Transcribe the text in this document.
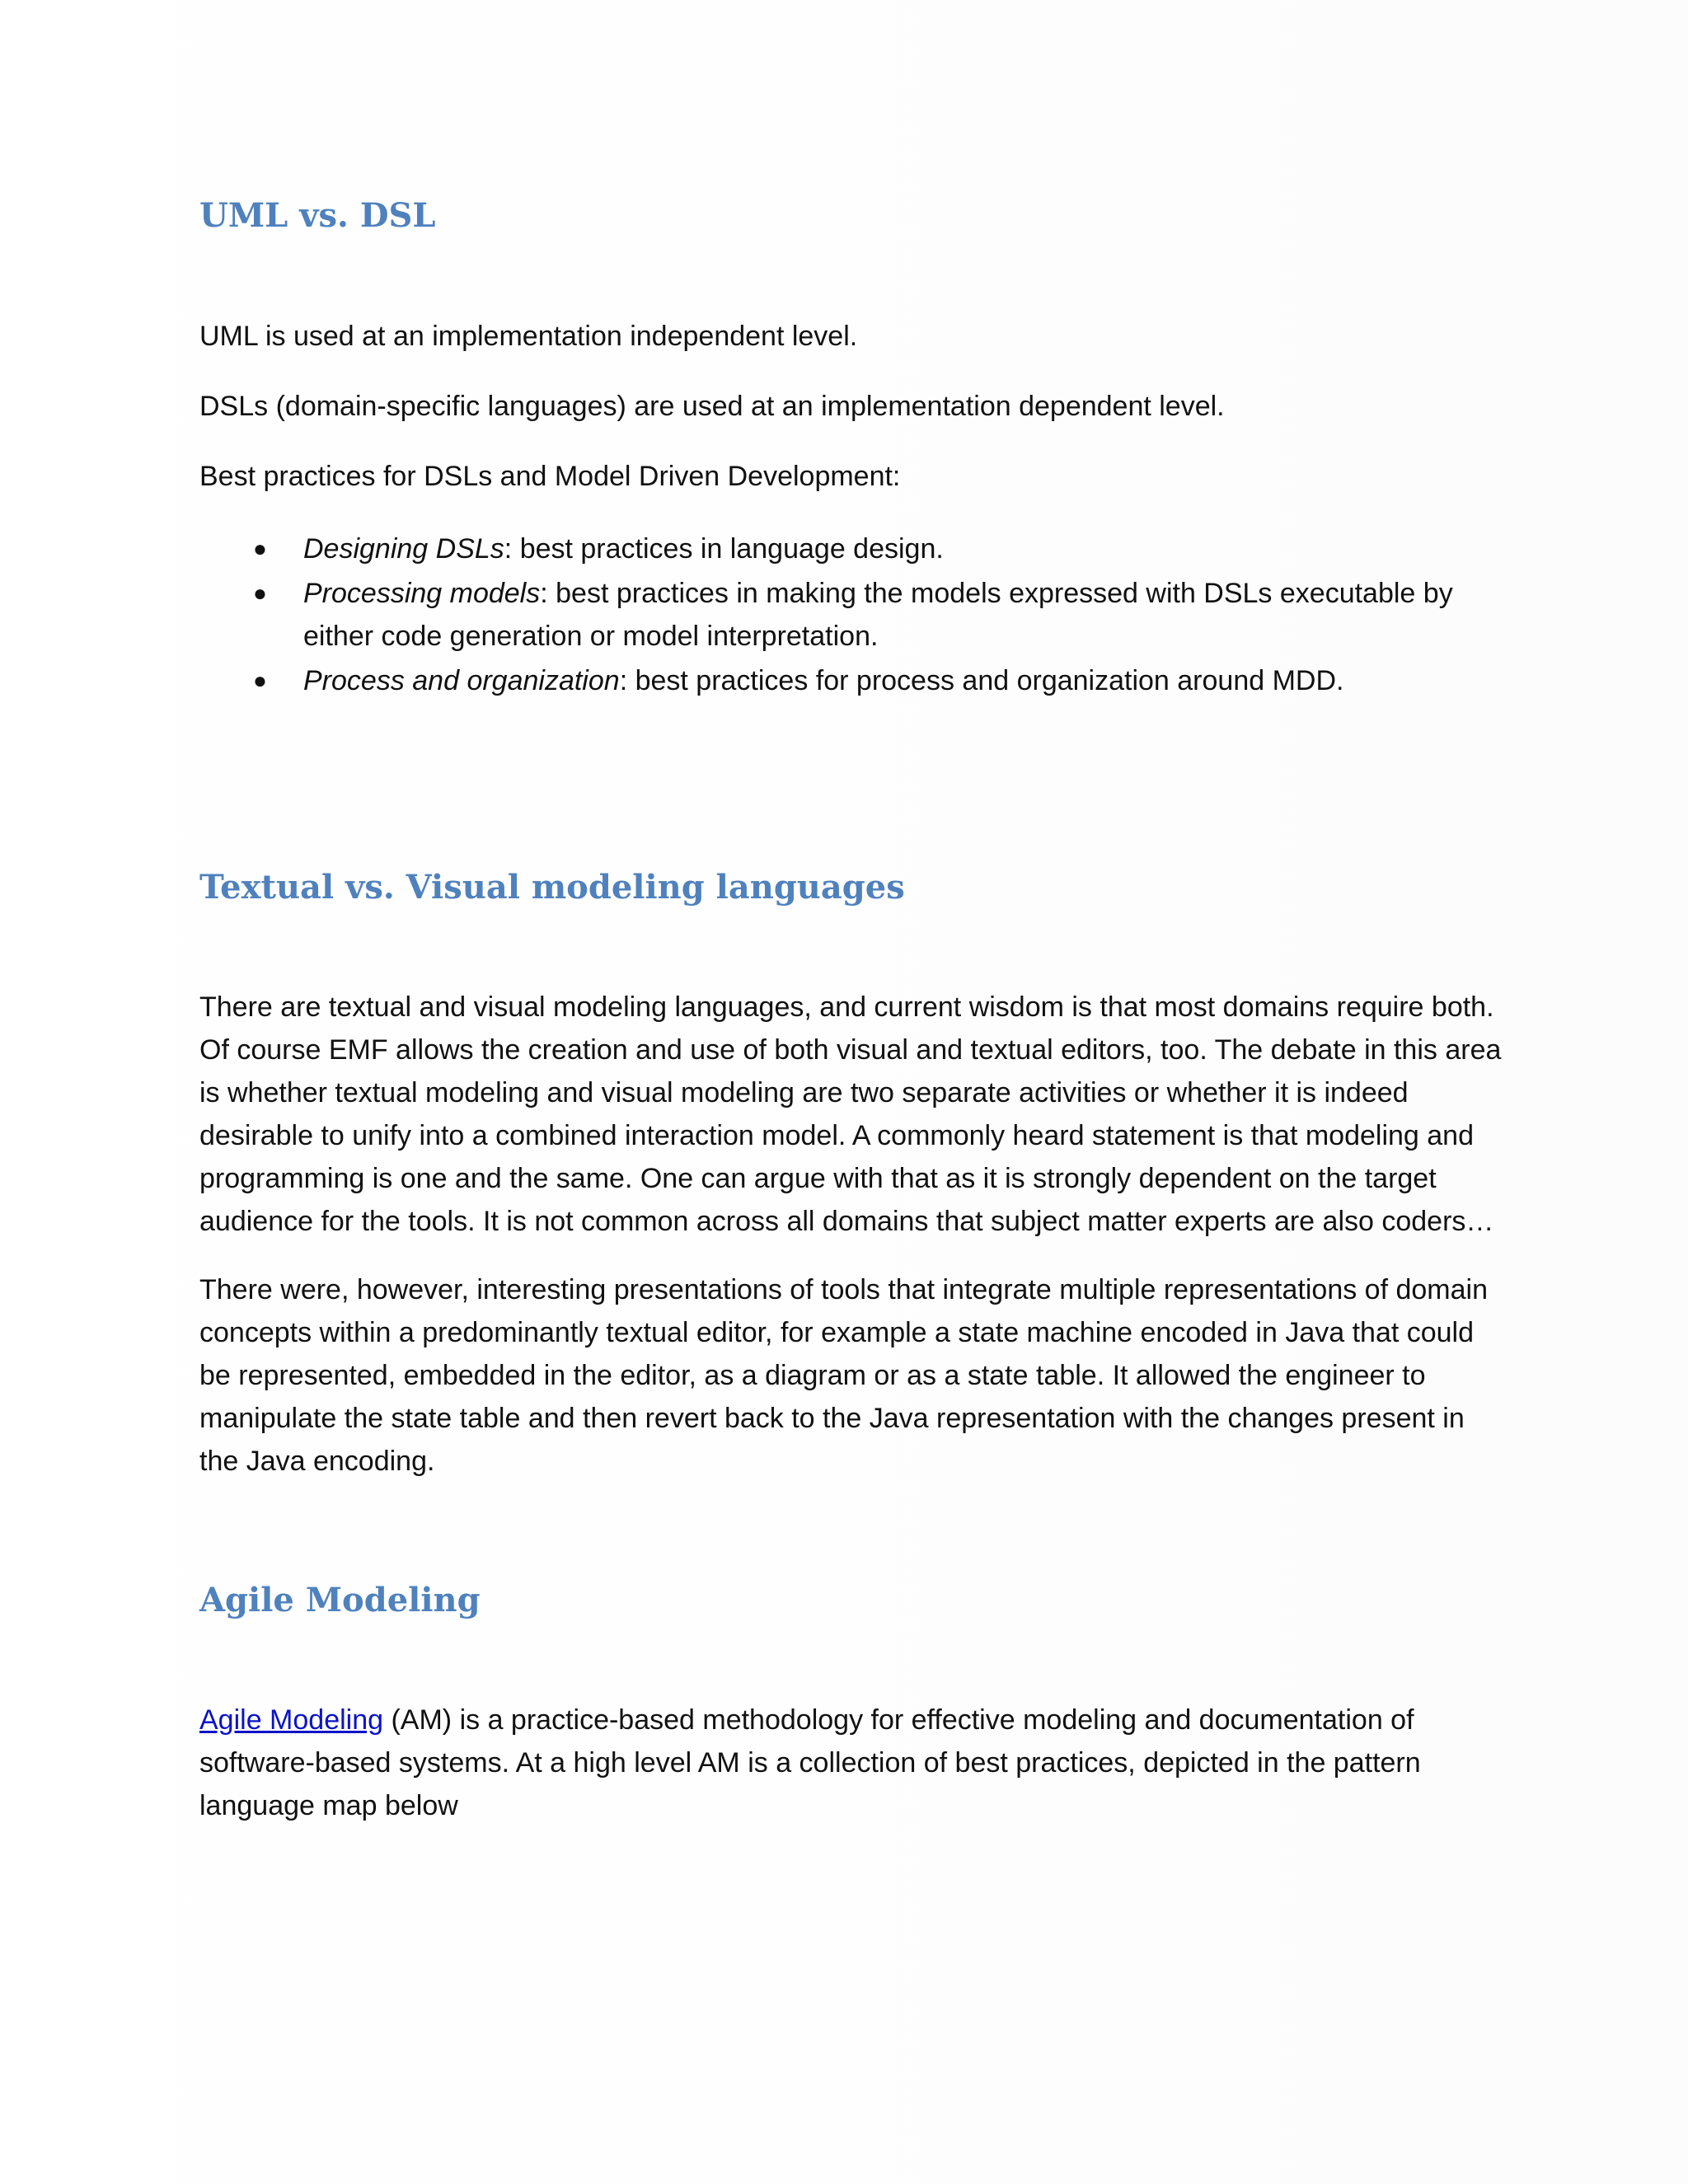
UML vs. DSL

UML is used at an implementation independent level.

DSLs (domain-specific languages) are used at an implementation dependent level.

Best practices for DSLs and Model Driven Development:

● Designing DSLs: best practices in language design.
● Processing models: best practices in making the models expressed with DSLs executable by either code generation or model interpretation.
● Process and organization: best practices for process and organization around MDD.
Textual vs. Visual modeling languages

There are textual and visual modeling languages, and current wisdom is that most domains require both. Of course EMF allows the creation and use of both visual and textual editors, too. The debate in this area is whether textual modeling and visual modeling are two separate activities or whether it is indeed desirable to unify into a combined interaction model. A commonly heard statement is that modeling and programming is one and the same. One can argue with that as it is strongly dependent on the target audience for the tools. It is not common across all domains that subject matter experts are also coders…

There were, however, interesting presentations of tools that integrate multiple representations of domain concepts within a predominantly textual editor, for example a state machine encoded in Java that could be represented, embedded in the editor, as a diagram or as a state table. It allowed the engineer to manipulate the state table and then revert back to the Java representation with the changes present in the Java encoding.

Agile Modeling

Agile Modeling (AM) is a practice-based methodology for effective modeling and documentation of software-based systems. At a high level AM is a collection of best practices, depicted in the pattern language map below
